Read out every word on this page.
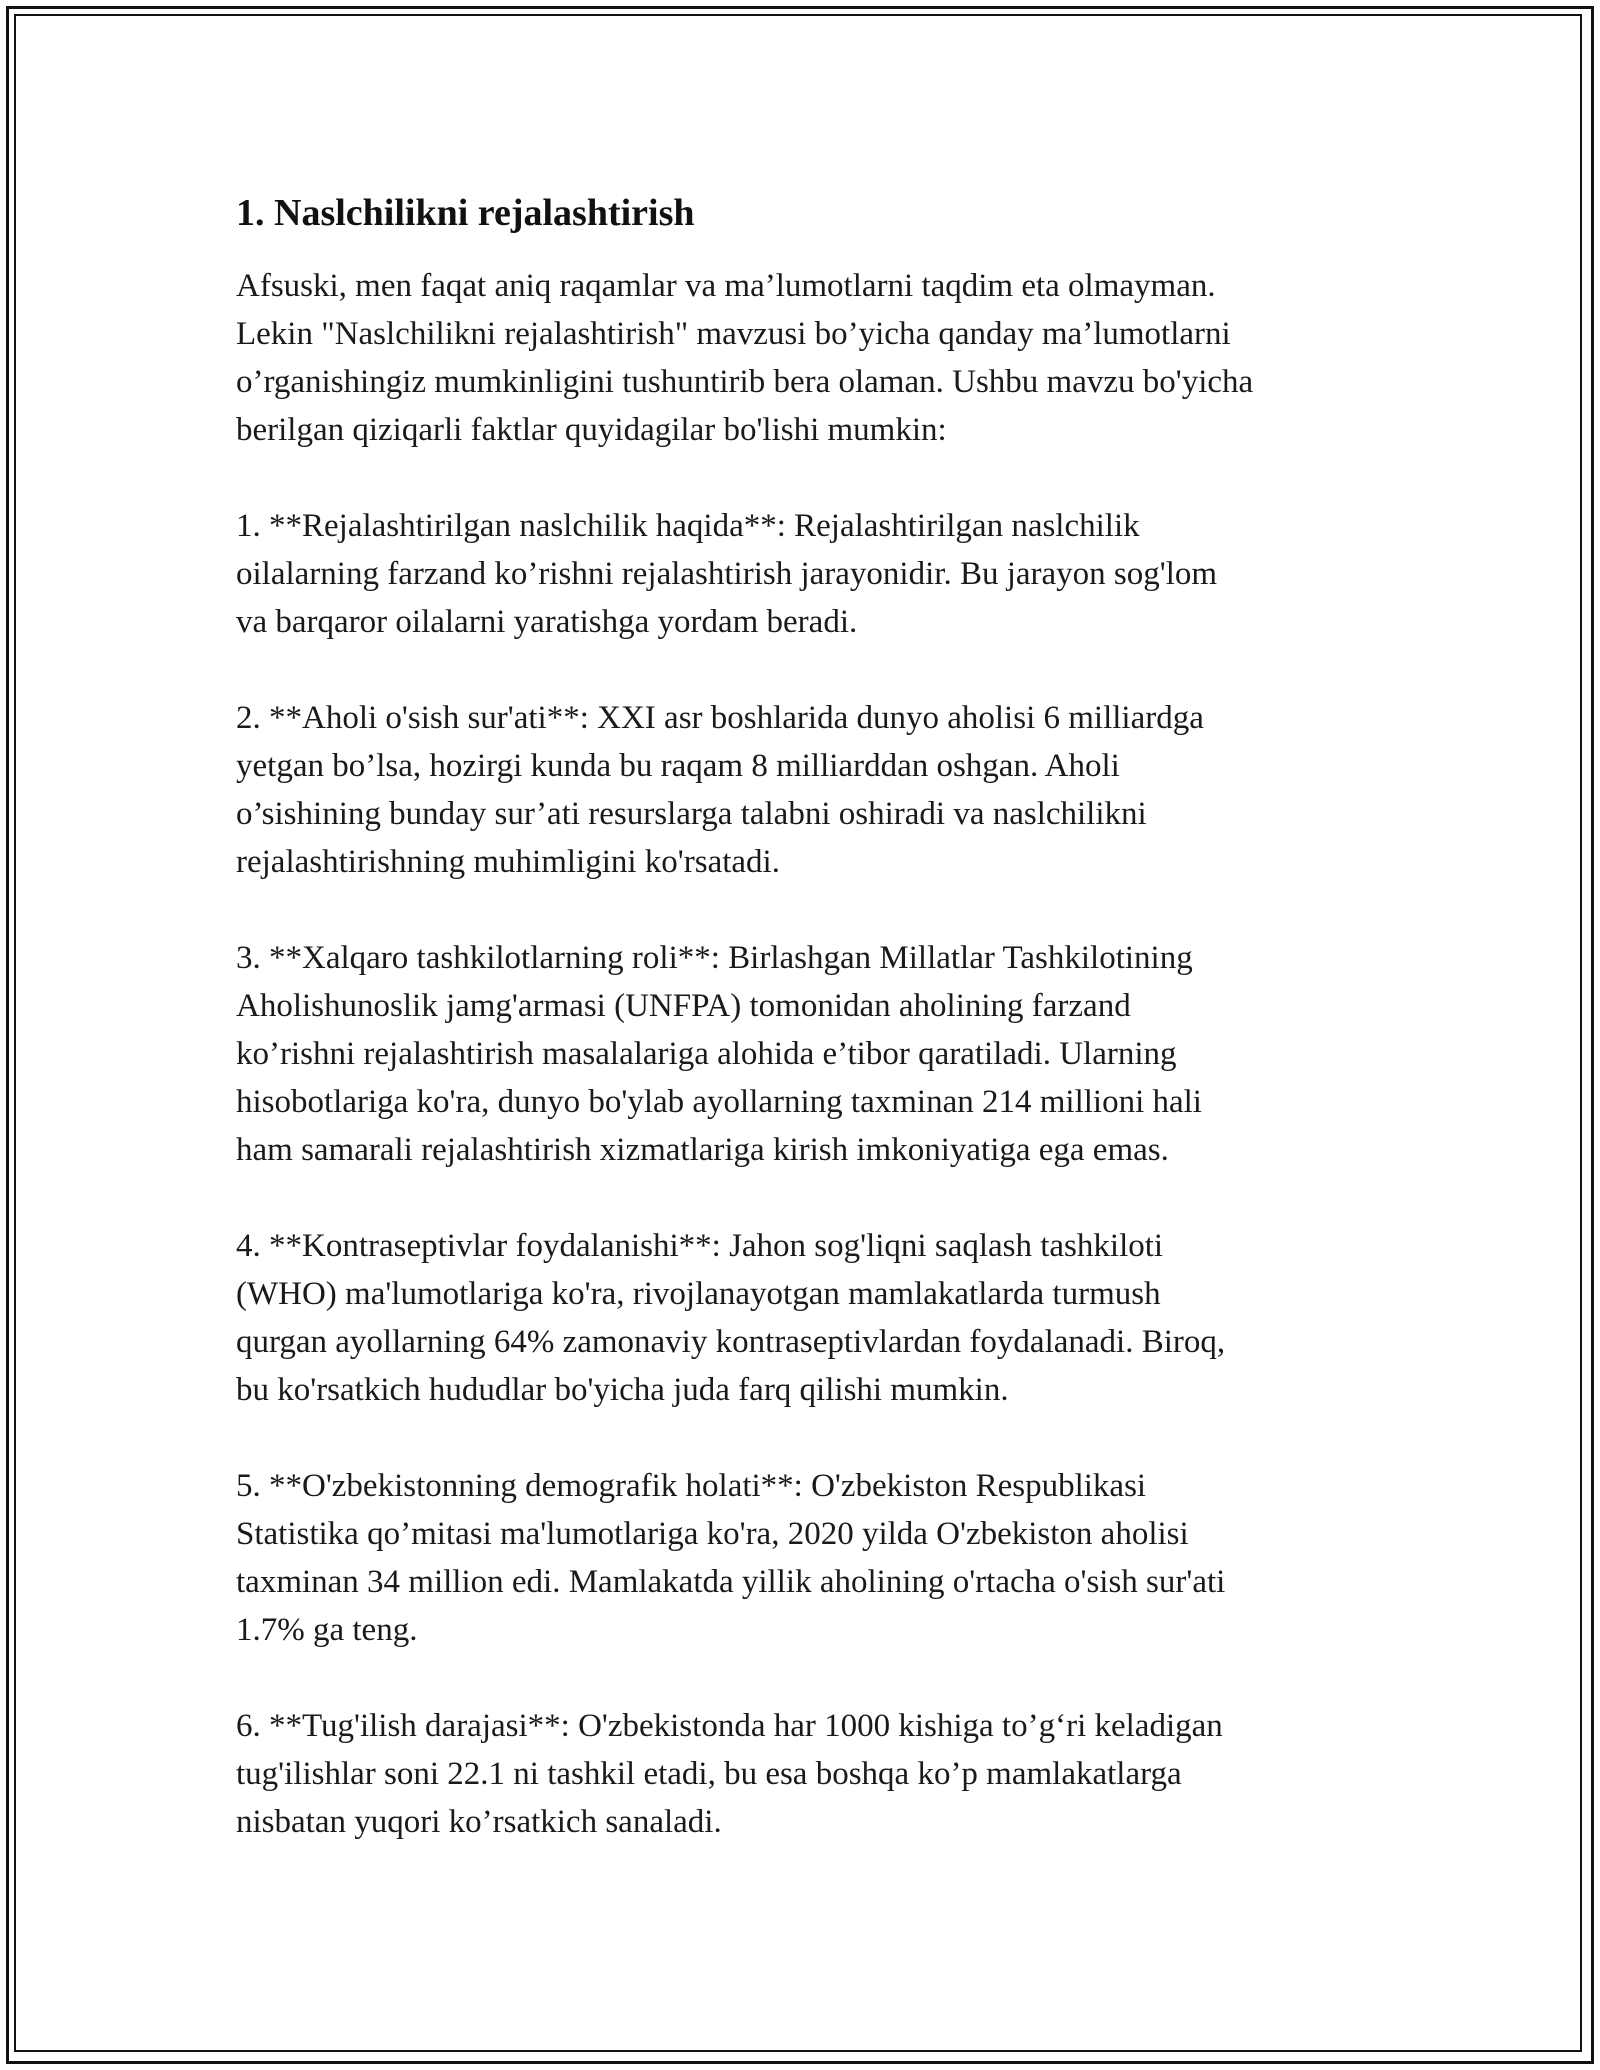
1. Naslchilikni rejalashtirish
Afsuski, men faqat aniq raqamlar va ma’lumotlarni taqdim eta olmayman.
Lekin "Naslchilikni rejalashtirish" mavzusi bo’yicha qanday ma’lumotlarni
o’rganishingiz mumkinligini tushuntirib bera olaman. Ushbu mavzu bo'yicha
berilgan qiziqarli faktlar quyidagilar bo'lishi mumkin:
1. **Rejalashtirilgan naslchilik haqida**: Rejalashtirilgan naslchilik
oilalarning farzand ko’rishni rejalashtirish jarayonidir. Bu jarayon sog'lom
va barqaror oilalarni yaratishga yordam beradi.
2. **Aholi o'sish sur'ati**: XXI asr boshlarida dunyo aholisi 6 milliardga
yetgan bo’lsa, hozirgi kunda bu raqam 8 milliarddan oshgan. Aholi
o’sishining bunday sur’ati resurslarga talabni oshiradi va naslchilikni
rejalashtirishning muhimligini ko'rsatadi.
3. **Xalqaro tashkilotlarning roli**: Birlashgan Millatlar Tashkilotining
Aholishunoslik jamg'armasi (UNFPA) tomonidan aholining farzand
ko’rishni rejalashtirish masalalariga alohida e’tibor qaratiladi. Ularning
hisobotlariga ko'ra, dunyo bo'ylab ayollarning taxminan 214 millioni hali
ham samarali rejalashtirish xizmatlariga kirish imkoniyatiga ega emas.
4. **Kontraseptivlar foydalanishi**: Jahon sog'liqni saqlash tashkiloti
(WHO) ma'lumotlariga ko'ra, rivojlanayotgan mamlakatlarda turmush
qurgan ayollarning 64% zamonaviy kontraseptivlardan foydalanadi. Biroq,
bu ko'rsatkich hududlar bo'yicha juda farq qilishi mumkin.
5. **O'zbekistonning demografik holati**: O'zbekiston Respublikasi
Statistika qo’mitasi ma'lumotlariga ko'ra, 2020 yilda O'zbekiston aholisi
taxminan 34 million edi. Mamlakatda yillik aholining o'rtacha o'sish sur'ati
1.7% ga teng.
6. **Tug'ilish darajasi**: O'zbekistonda har 1000 kishiga to’g‘ri keladigan
tug'ilishlar soni 22.1 ni tashkil etadi, bu esa boshqa ko’p mamlakatlarga
nisbatan yuqori ko’rsatkich sanaladi.
